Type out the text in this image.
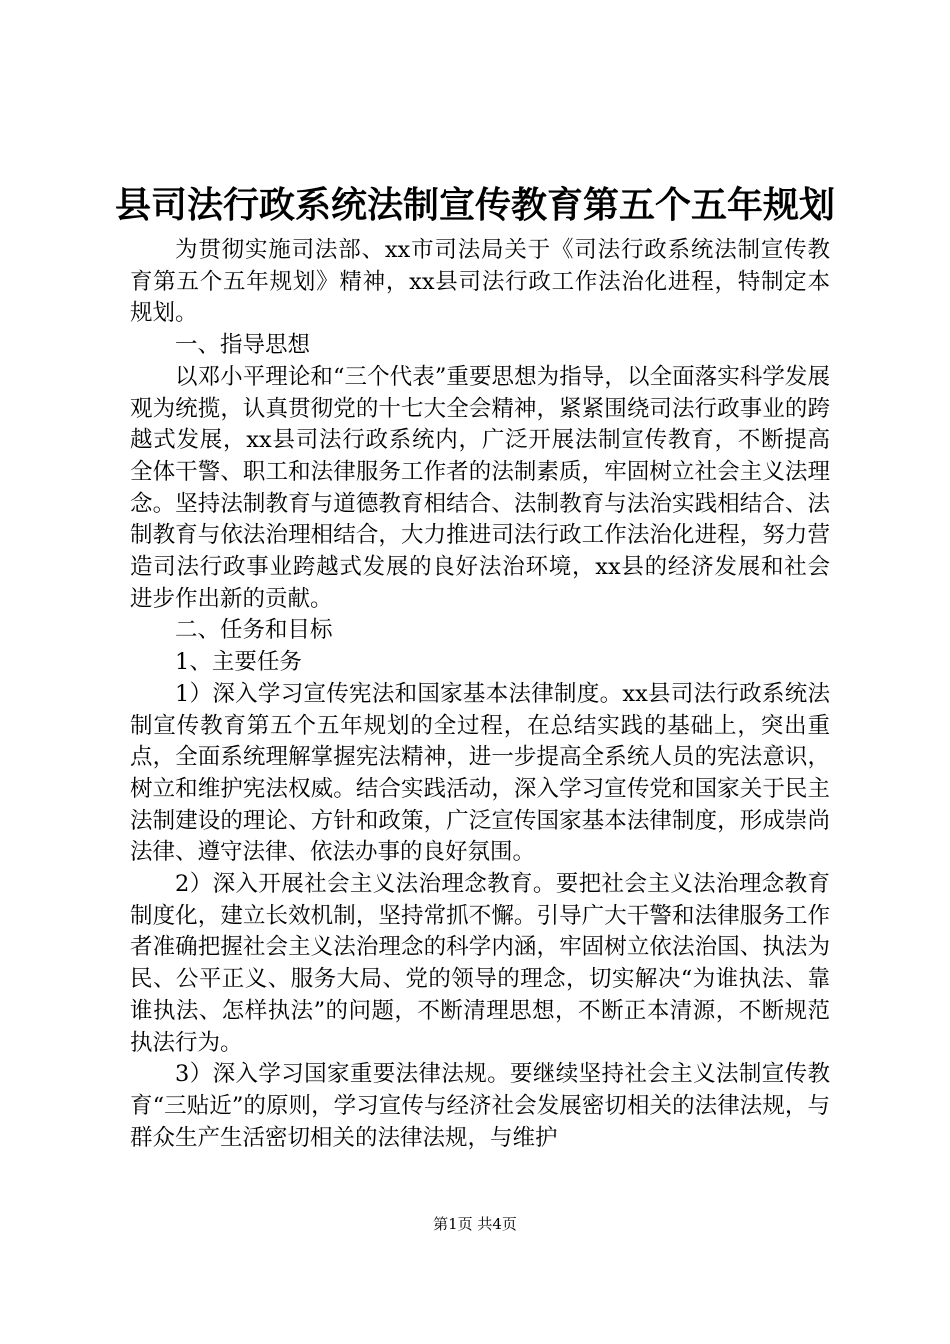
县司法行政系统法制宣传教育第五个五年规划

为贯彻实施司法部、xx市司法局关于《司法行政系统法制宣传教育第五个五年规划》精神，xx县司法行政工作法治化进程，特制定本规划。

一、指导思想

以邓小平理论和“三个代表”重要思想为指导，以全面落实科学发展观为统揽，认真贯彻党的十七大全会精神，紧紧围绕司法行政事业的跨越式发展，xx县司法行政系统内，广泛开展法制宣传教育，不断提高全体干警、职工和法律服务工作者的法制素质，牢固树立社会主义法理念。坚持法制教育与道德教育相结合、法制教育与法治实践相结合、法制教育与依法治理相结合，大力推进司法行政工作法治化进程，努力营造司法行政事业跨越式发展的良好法治环境，xx县的经济发展和社会进步作出新的贡献。

二、任务和目标

1、主要任务

1）深入学习宣传宪法和国家基本法律制度。xx县司法行政系统法制宣传教育第五个五年规划的全过程，在总结实践的基础上，突出重点，全面系统理解掌握宪法精神，进一步提高全系统人员的宪法意识，树立和维护宪法权威。结合实践活动，深入学习宣传党和国家关于民主法制建设的理论、方针和政策，广泛宣传国家基本法律制度，形成崇尚法律、遵守法律、依法办事的良好氛围。

2）深入开展社会主义法治理念教育。要把社会主义法治理念教育制度化，建立长效机制，坚持常抓不懈。引导广大干警和法律服务工作者准确把握社会主义法治理念的科学内涵，牢固树立依法治国、执法为民、公平正义、服务大局、党的领导的理念，切实解决“为谁执法、靠谁执法、怎样执法”的问题，不断清理思想，不断正本清源，不断规范执法行为。

3）深入学习国家重要法律法规。要继续坚持社会主义法制宣传教育“三贴近”的原则，学习宣传与经济社会发展密切相关的法律法规，与群众生产生活密切相关的法律法规，与维护

第1页 共4页
